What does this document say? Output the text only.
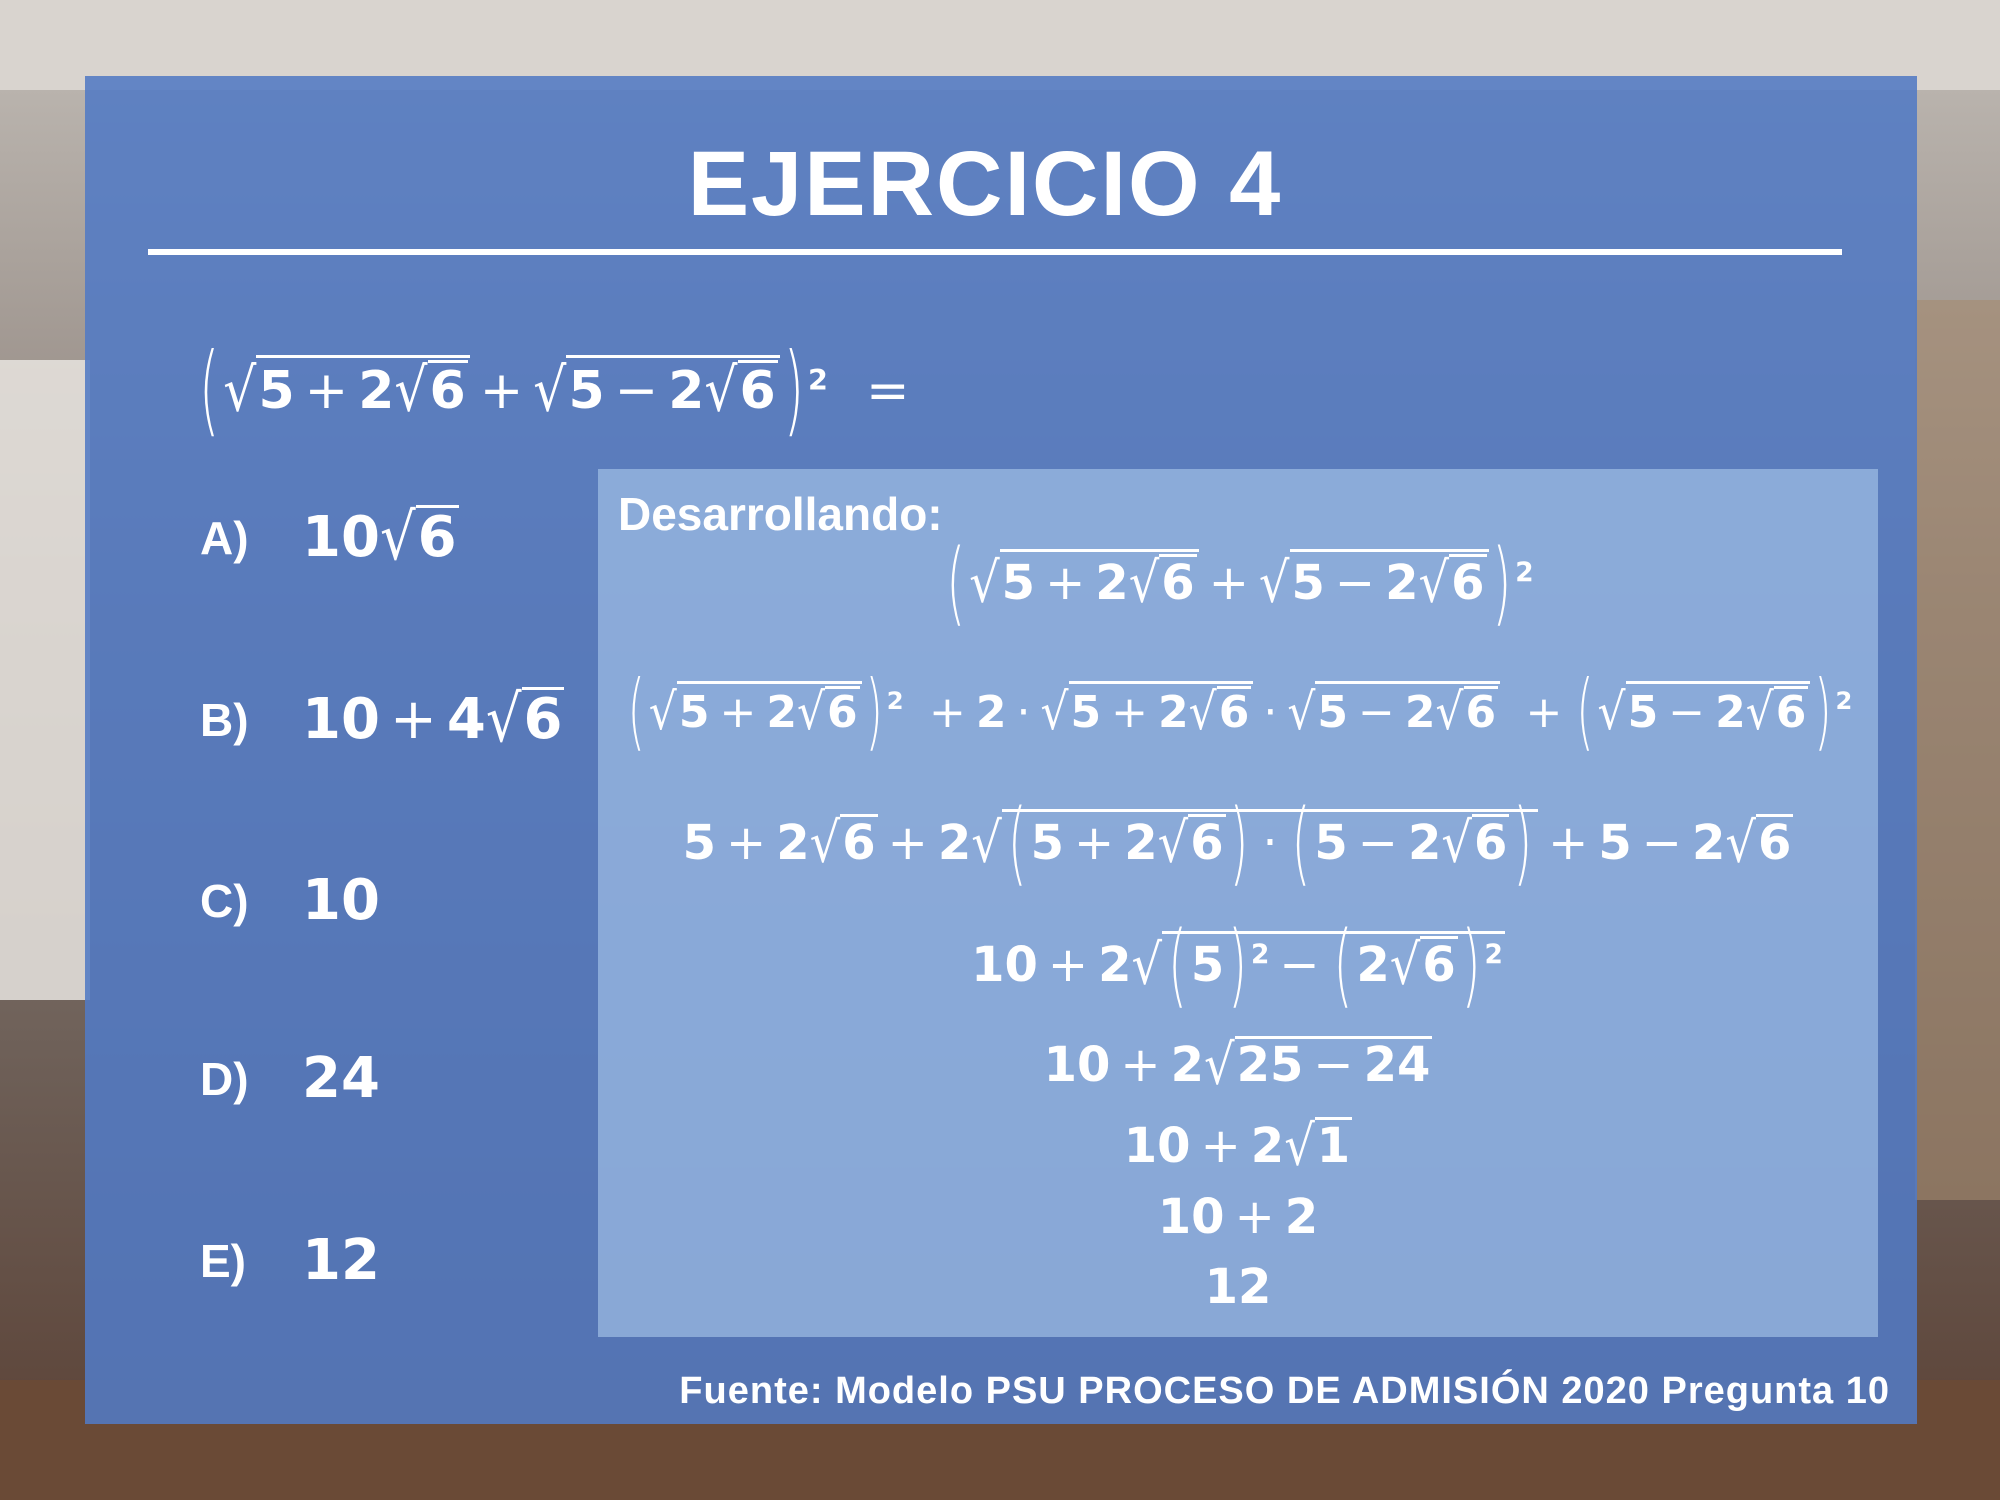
EJERCICIO 4
(√5 + 2√6 + √5 − 2√6 ) $^2$ =
A) 10√6
B) 10 + 4√6
C) 10
D) 24
E)	12
Desarrollando:
(√5 + 2√6 + √5 − 2√6 ) $^2$
(√5 + 2√6 ) $^2$ + 2 · √5 + 2√6 · √5 − 2√6 + (√5 − 2√6 ) $^2$
5 + 2√6 + 2√ (5 + 2√6 ) · (5 − 2√6 ) + 5 − 2√6
10 + 2√ (5) $^2$ − (2√6 ) $^2$
10 + 2√25 − 24
10 + 2√1
10 + 2
12
Fuente: Modelo PSU PROCESO DE ADMISIÓN 2020 Pregunta 10
